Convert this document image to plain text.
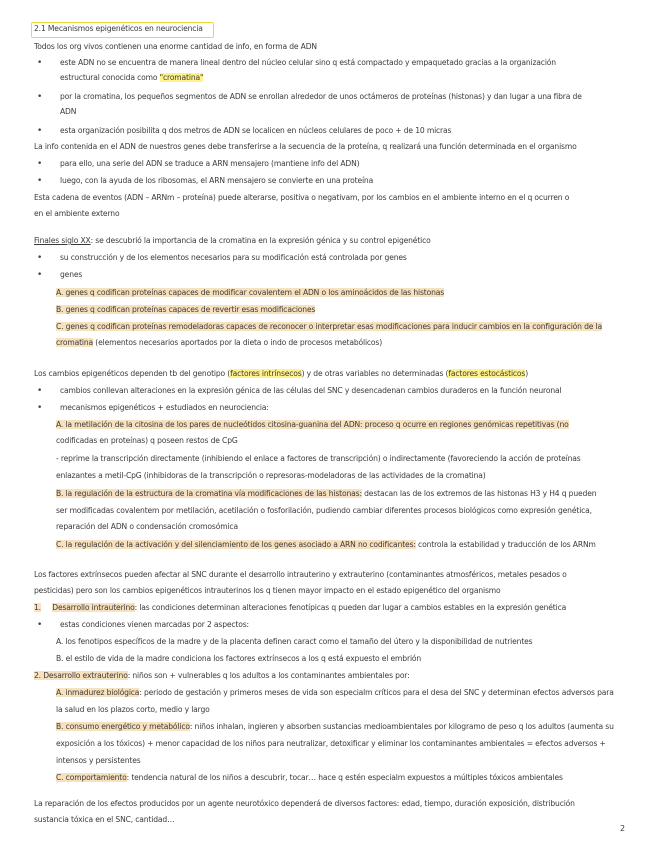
2.1 Mecanismos epigenéticos en neurociencia
Todos los org vivos contienen una enorme cantidad de info, en forma de ADN
• este ADN no se encuentra de manera lineal dentro del núcleo celular sino q está compactado y empaquetado gracias a la organización
estructural conocida como "cromatina"
• por la cromatina, los pequeños segmentos de ADN se enrollan alrededor de unos octámeros de proteínas (histonas) y dan lugar a una fibra de
ADN
• esta organización posibilita q dos metros de ADN se localicen en núcleos celulares de poco + de 10 micras
La info contenida en el ADN de nuestros genes debe transferirse a la secuencia de la proteína, q realizará una función determinada en el organismo
• para ello, una serie del ADN se traduce a ARN mensajero (mantiene info del ADN)
• luego, con la ayuda de los ribosomas, el ARN mensajero se convierte en una proteína
Esta cadena de eventos (ADN – ARNm – proteína) puede alterarse, positiva o negativam, por los cambios en el ambiente interno en el q ocurren o
en el ambiente externo
Finales siglo XX: se descubrió la importancia de la cromatina en la expresión génica y su control epigenético
• su construcción y de los elementos necesarios para su modificación está controlada por genes
• genes
A. genes q codifican proteínas capaces de modificar covalentem el ADN o los aminoácidos de las histonas
B. genes q codifican proteínas capaces de revertir esas modificaciones
C. genes q codifican proteínas remodeladoras capaces de reconocer o interpretar esas modificaciones para inducir cambios en la configuración de la
cromatina (elementos necesarios aportados por la dieta o indo de procesos metabólicos)
Los cambios epigenéticos dependen tb del genotipo (factores intrínsecos) y de otras variables no determinadas (factores estocásticos)
• cambios conllevan alteraciones en la expresión génica de las células del SNC y desencadenan cambios duraderos en la función neuronal
• mecanismos epigenéticos + estudiados en neurociencia:
A. la metilación de la citosina de los pares de nucleótidos citosina-guanina del ADN: proceso q ocurre en regiones genómicas repetitivas (no
codificadas en proteínas) q poseen restos de CpG
- reprime la transcripción directamente (inhibiendo el enlace a factores de transcripción) o indirectamente (favoreciendo la acción de proteínas
enlazantes a metil-CpG (inhibidoras de la transcripción o represoras-modeladoras de las actividades de la cromatina)
B. la regulación de la estructura de la cromatina vía modificaciones de las histonas: destacan las de los extremos de las histonas H3 y H4 q pueden
ser modificadas covalentem por metilación, acetilación o fosforilación, pudiendo cambiar diferentes procesos biológicos como expresión genética,
reparación del ADN o condensación cromosómica
C. la regulación de la activación y del silenciamiento de los genes asociado a ARN no codificantes: controla la estabilidad y traducción de los ARNm
Los factores extrínsecos pueden afectar al SNC durante el desarrollo intrauterino y extrauterino (contaminantes atmosféricos, metales pesados o
pesticidas) pero son los cambios epigenéticos intrauterinos los q tienen mayor impacto en el estado epigenético del organismo
1. Desarrollo intrauterino: las condiciones determinan alteraciones fenotípicas q pueden dar lugar a cambios estables en la expresión genética
• estas condiciones vienen marcadas por 2 aspectos:
A. los fenotipos específicos de la madre y de la placenta definen caract como el tamaño del útero y la disponibilidad de nutrientes
B. el estilo de vida de la madre condiciona los factores extrínsecos a los q está expuesto el embrión
2. Desarrollo extrauterino: niños son + vulnerables q los adultos a los contaminantes ambientales por:
A. inmadurez biológica: periodo de gestación y primeros meses de vida son especialm críticos para el desa del SNC y determinan efectos adversos para
la salud en los plazos corto, medio y largo
B. consumo energético y metabólico: niños inhalan, ingieren y absorben sustancias medioambientales por kilogramo de peso q los adultos (aumenta su
exposición a los tóxicos) + menor capacidad de los niños para neutralizar, detoxificar y eliminar los contaminantes ambientales = efectos adversos +
intensos y persistentes
C. comportamiento: tendencia natural de los niños a descubrir, tocar… hace q estén especialm expuestos a múltiples tóxicos ambientales
La reparación de los efectos producidos por un agente neurotóxico dependerá de diversos factores: edad, tiempo, duración exposición, distribución
sustancia tóxica en el SNC, cantidad…
2
